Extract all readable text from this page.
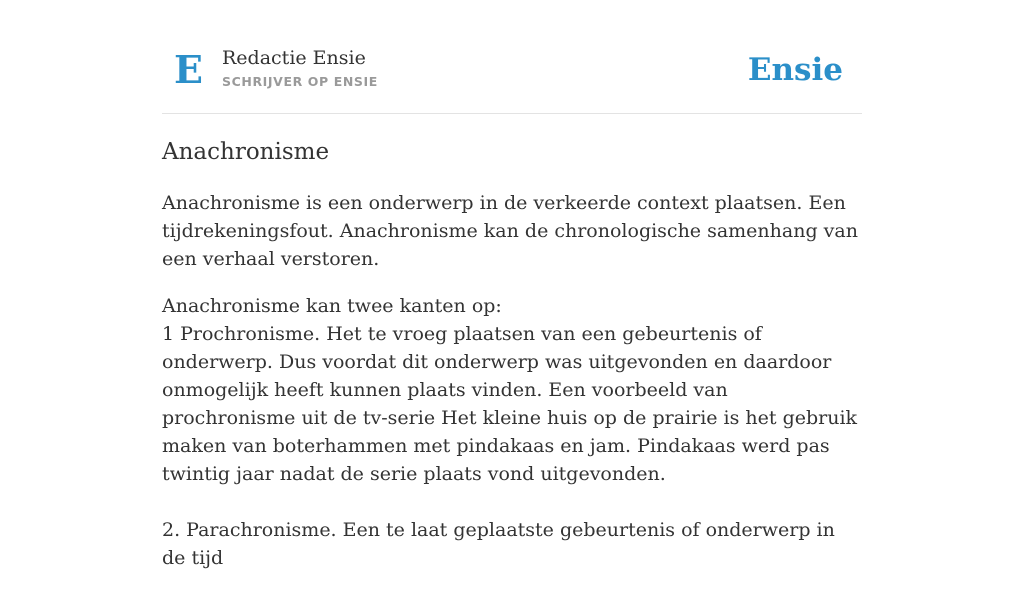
E Redactie Ensie
SCHRIJVER OP ENSIE	Ensie
Anachronisme

Anachronisme is een onderwerp in de verkeerde context plaatsen. Een tijdrekeningsfout. Anachronisme kan de chronologische samenhang van een verhaal verstoren.

Anachronisme kan twee kanten op:
1 Prochronisme. Het te vroeg plaatsen van een gebeurtenis of onderwerp. Dus voordat dit onderwerp was uitgevonden en daardoor onmogelijk heeft kunnen plaats vinden. Een voorbeeld van prochronisme uit de tv-serie Het kleine huis op de prairie is het gebruik maken van boterhammen met pindakaas en jam. Pindakaas werd pas twintig jaar nadat de serie plaats vond uitgevonden.
2. Parachronisme. Een te laat geplaatste gebeurtenis of onderwerp in de tijd
